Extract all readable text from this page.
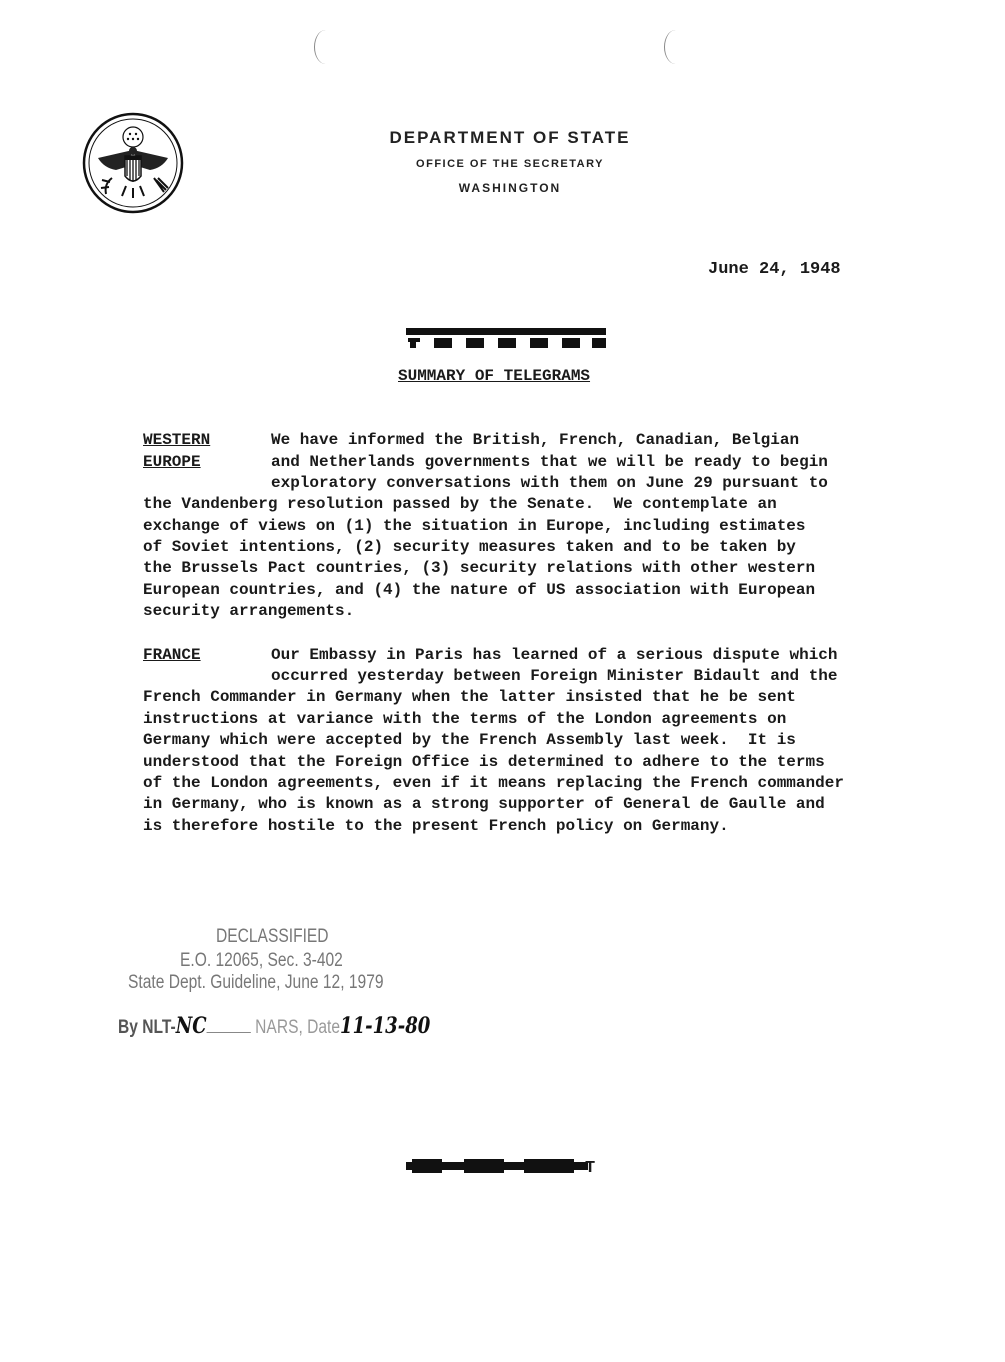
DEPARTMENT OF STATE
OFFICE OF THE SECRETARY
WASHINGTON
June 24, 1948
SUMMARY OF TELEGRAMS
WESTERN
EUROPE
We have informed the British, French, Canadian, Belgian
and Netherlands governments that we will be ready to begin
exploratory conversations with them on June 29 pursuant to
the Vandenberg resolution passed by the Senate.  We contemplate an
exchange of views on (1) the situation in Europe, including estimates
of Soviet intentions, (2) security measures taken and to be taken by
the Brussels Pact countries, (3) security relations with other western
European countries, and (4) the nature of US association with European
security arrangements.
FRANCE	Our Embassy in Paris has learned of a serious dispute which
occurred yesterday between Foreign Minister Bidault and the
French Commander in Germany when the latter insisted that he be sent
instructions at variance with the terms of the London agreements on
Germany which were accepted by the French Assembly last week.  It is
understood that the Foreign Office is determined to adhere to the terms
of the London agreements, even if it means replacing the French commander
in Germany, who is known as a strong supporter of General de Gaulle and
is therefore hostile to the present French policy on Germany.
DECLASSIFIED
E.O. 12065, Sec. 3-402
State Dept. Guideline, June 12, 1979
By NLT-NC	NARS, Date11-13-80
T
